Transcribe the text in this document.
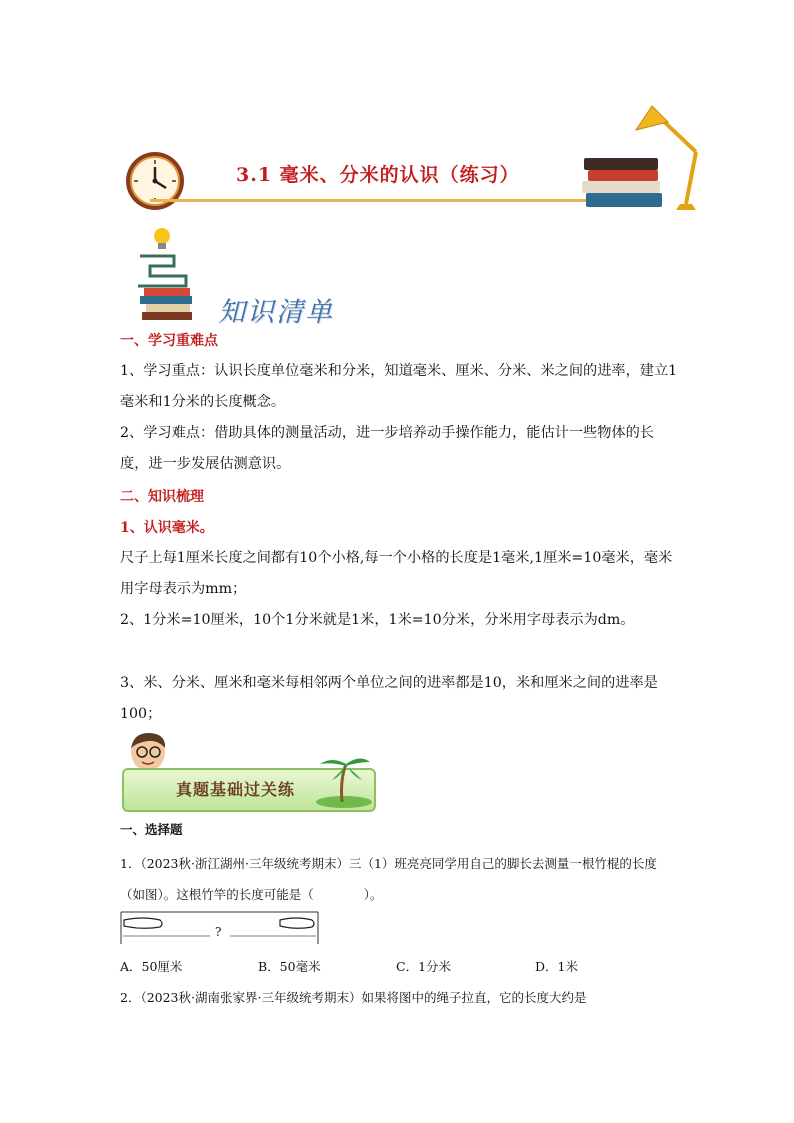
3.1 毫米、分米的认识（练习）
知识清单
一、学习重难点
1、学习重点：认识长度单位毫米和分米，知道毫米、厘米、分米、米之间的进率，建立1毫米和1分米的长度概念。
2、学习难点：借助具体的测量活动，进一步培养动手操作能力，能估计一些物体的长度，进一步发展估测意识。
二、知识梳理
1、认识毫米。
尺子上每1厘米长度之间都有10个小格,每一个小格的长度是1毫米,1厘米=10毫米，毫米用字母表示为mm；
2、1分米=10厘米，10个1分米就是1米，1米=10分米，分米用字母表示为dm。
3、米、分米、厘米和毫米每相邻两个单位之间的进率都是10，米和厘米之间的进率是100；
真题基础过关练
一、选择题
1．（2023秋·浙江湖州·三年级统考期末）三（1）班亮亮同学用自己的脚长去测量一根竹棍的长度（如图）。这根竹竿的长度可能是（　　　　）。
?
A．50厘米	B．50毫米	C．1分米	D．1米
2．（2023秋·湖南张家界·三年级统考期末）如果将图中的绳子拉直，它的长度大约是
